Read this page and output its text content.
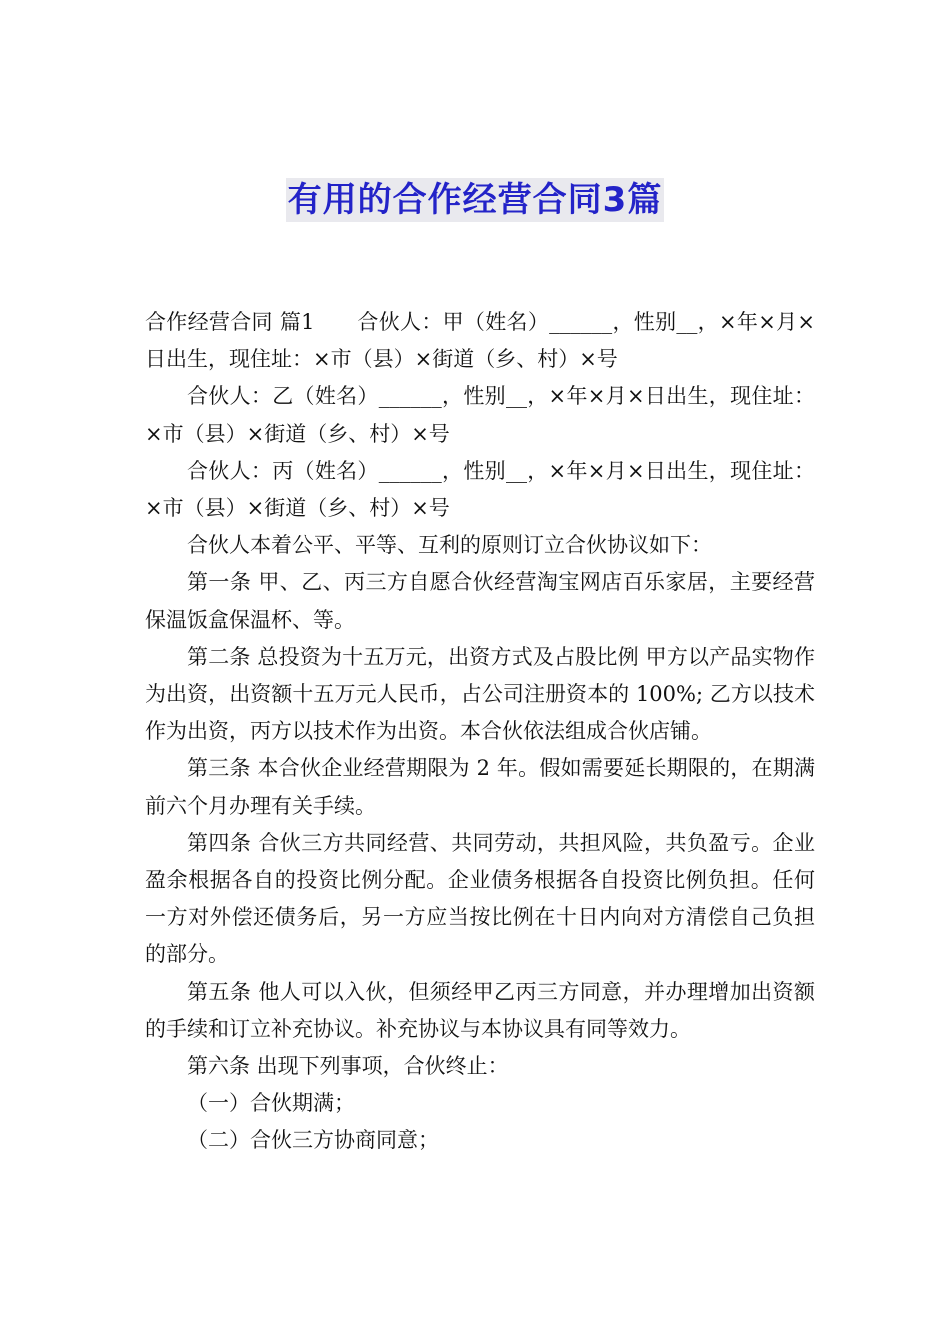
有用的合作经营合同3篇

合作经营合同 篇1　　合伙人：甲（姓名）______，性别__，×年×月×日出生，现住址：×市（县）×街道（乡、村）×号

合伙人：乙（姓名）______，性别__，×年×月×日出生，现住址：×市（县）×街道（乡、村）×号

合伙人：丙（姓名）______，性别__，×年×月×日出生，现住址：×市（县）×街道（乡、村）×号

合伙人本着公平、平等、互利的原则订立合伙协议如下：

第一条 甲、乙、丙三方自愿合伙经营淘宝网店百乐家居，主要经营保温饭盒保温杯、等。

第二条 总投资为十五万元，出资方式及占股比例 甲方以产品实物作为出资，出资额十五万元人民币，占公司注册资本的 100%; 乙方以技术作为出资，丙方以技术作为出资。本合伙依法组成合伙店铺。

第三条 本合伙企业经营期限为 2 年。假如需要延长期限的，在期满前六个月办理有关手续。

第四条 合伙三方共同经营、共同劳动，共担风险，共负盈亏。企业盈余根据各自的投资比例分配。企业债务根据各自投资比例负担。任何一方对外偿还债务后，另一方应当按比例在十日内向对方清偿自己负担的部分。

第五条 他人可以入伙，但须经甲乙丙三方同意，并办理增加出资额的手续和订立补充协议。补充协议与本协议具有同等效力。

第六条 出现下列事项，合伙终止：

（一）合伙期满；

（二）合伙三方协商同意；
